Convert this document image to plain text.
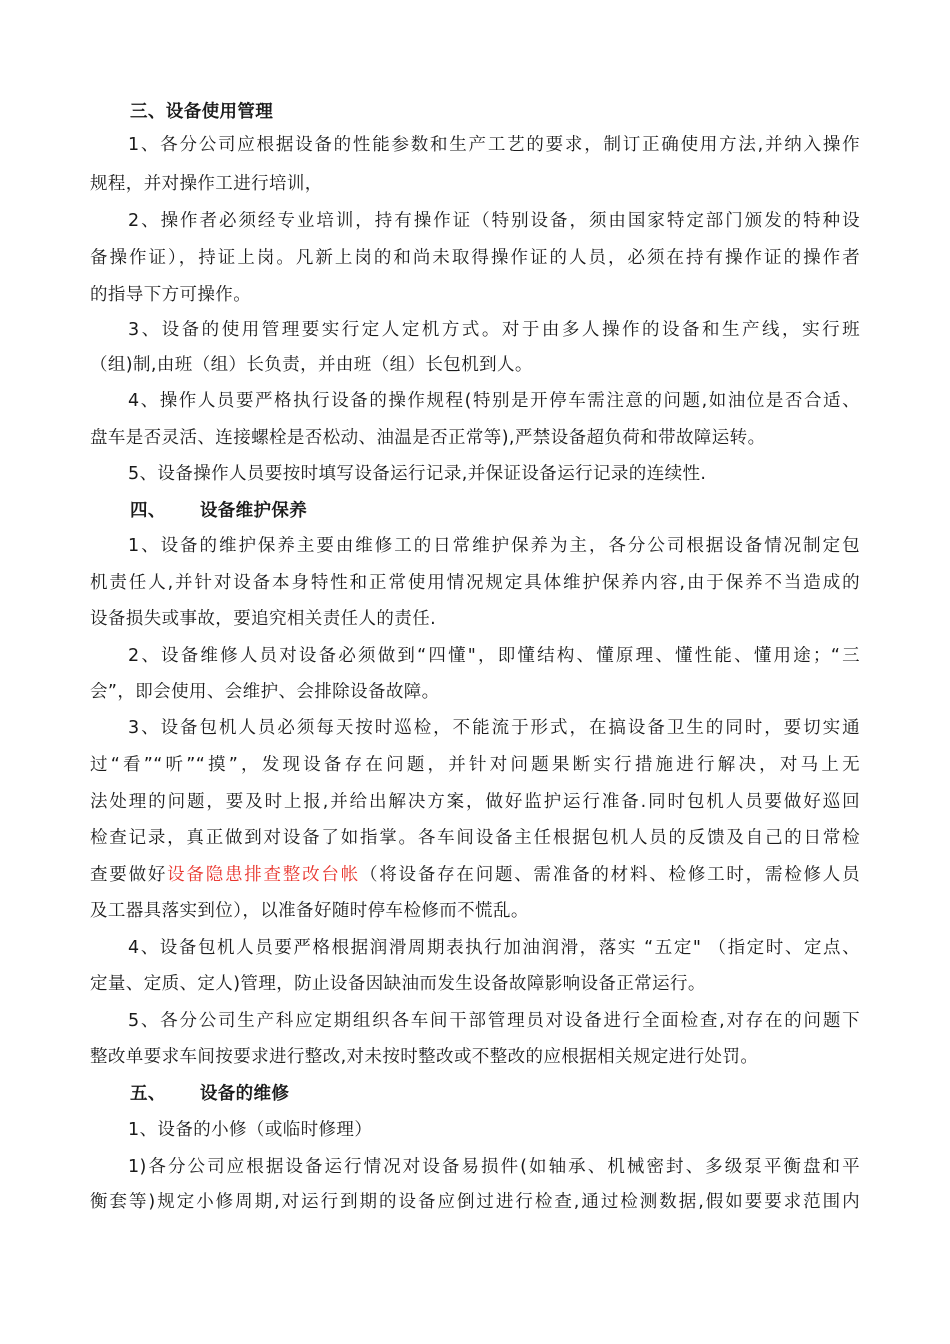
三、设备使用管理
1、各分公司应根据设备的性能参数和生产工艺的要求，制订正确使用方法,并纳入操作
规程，并对操作工进行培训，
2、操作者必须经专业培训，持有操作证（特别设备，须由国家特定部门颁发的特种设
备操作证），持证上岗。凡新上岗的和尚未取得操作证的人员，必须在持有操作证的操作者
的指导下方可操作。
3、设备的使用管理要实行定人定机方式。对于由多人操作的设备和生产线，实行班
（组)制,由班（组）长负责，并由班（组）长包机到人。
4、操作人员要严格执行设备的操作规程(特别是开停车需注意的问题,如油位是否合适、
盘车是否灵活、连接螺栓是否松动、油温是否正常等),严禁设备超负荷和带故障运转。
5、设备操作人员要按时填写设备运行记录,并保证设备运行记录的连续性.
四、 设备维护保养
1、设备的维护保养主要由维修工的日常维护保养为主，各分公司根据设备情况制定包
机责任人,并针对设备本身特性和正常使用情况规定具体维护保养内容,由于保养不当造成的
设备损失或事故，要追究相关责任人的责任.
2、设备维修人员对设备必须做到“四懂"，即懂结构、懂原理、懂性能、懂用途；“三
会”，即会使用、会维护、会排除设备故障。
3、设备包机人员必须每天按时巡检，不能流于形式，在搞设备卫生的同时，要切实通
过“看”“听”“摸”，发现设备存在问题，并针对问题果断实行措施进行解决，对马上无
法处理的问题，要及时上报,并给出解决方案，做好监护运行准备.同时包机人员要做好巡回
检查记录，真正做到对设备了如指掌。各车间设备主任根据包机人员的反馈及自己的日常检
查要做好设备隐患排查整改台帐（将设备存在问题、需准备的材料、检修工时，需检修人员
及工器具落实到位），以准备好随时停车检修而不慌乱。
4、设备包机人员要严格根据润滑周期表执行加油润滑，落实 “五定" （指定时、定点、
定量、定质、定人)管理，防止设备因缺油而发生设备故障影响设备正常运行。
5、各分公司生产科应定期组织各车间干部管理员对设备进行全面检查,对存在的问题下
整改单要求车间按要求进行整改,对未按时整改或不整改的应根据相关规定进行处罚。
五、 设备的维修
1、设备的小修（或临时修理）
1)各分公司应根据设备运行情况对设备易损件(如轴承、机械密封、多级泵平衡盘和平
衡套等)规定小修周期,对运行到期的设备应倒过进行检查,通过检测数据,假如要要求范围内
